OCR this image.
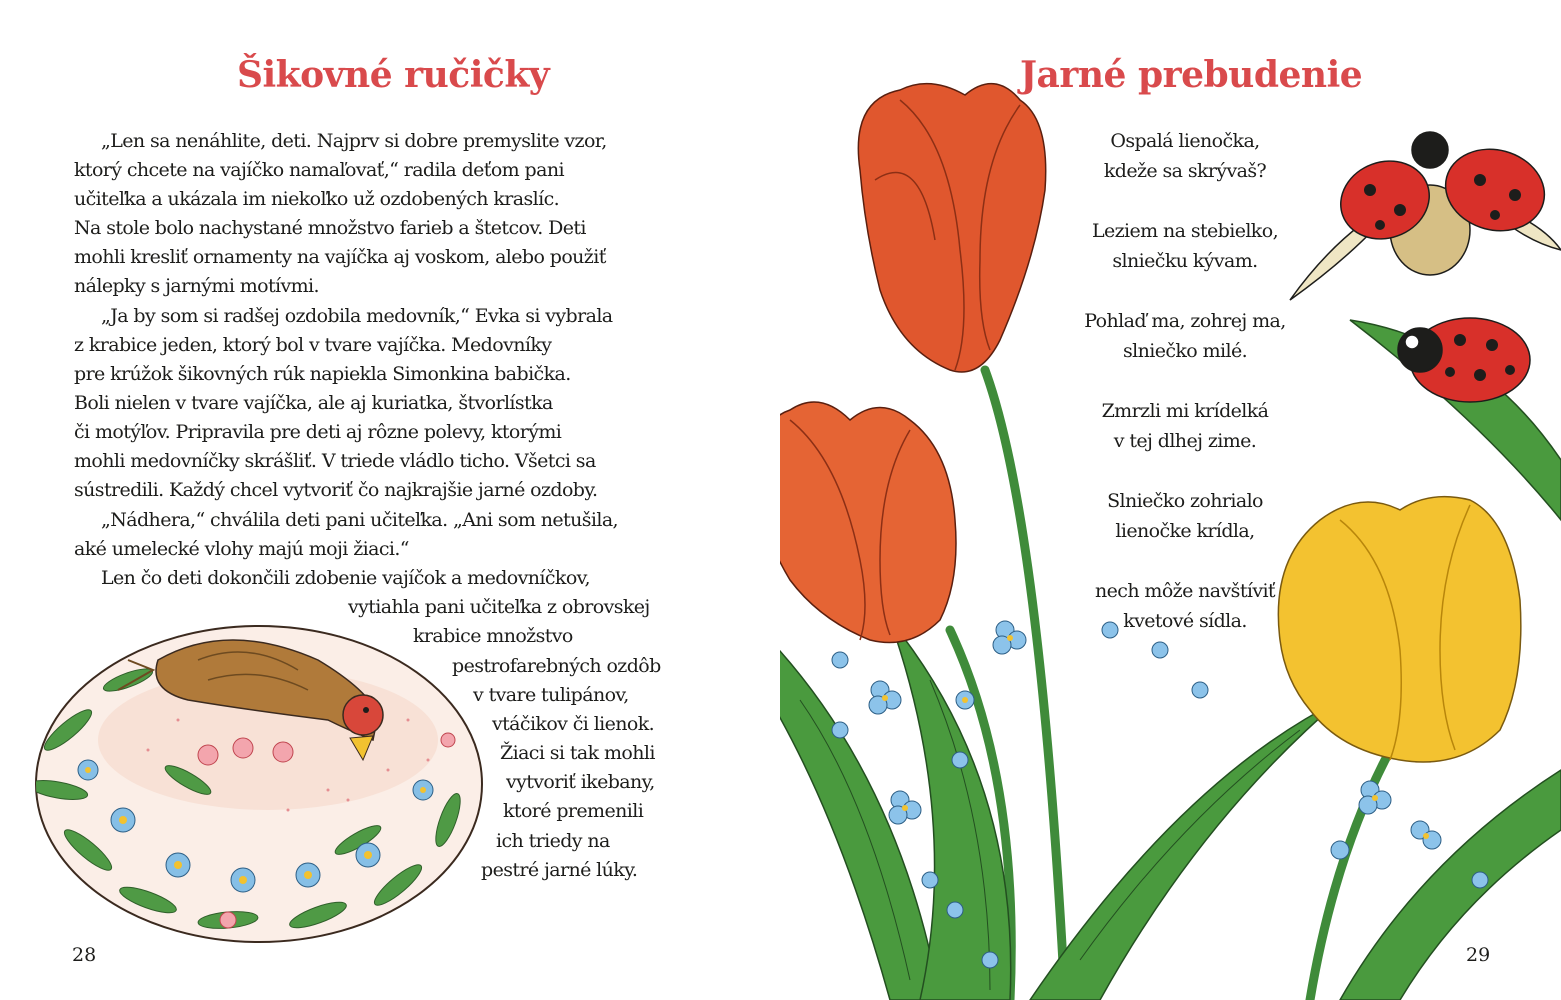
Šikovné ručičky

„Len sa nenáhlite, deti. Najprv si dobre premyslite vzor,

ktorý chcete na vajíčko namaľovať,“ radila deťom pani

učiteľka a ukázala im niekoľko už ozdobených kraslíc.

Na stole bolo nachystané množstvo farieb a štetcov. Deti

mohli kresliť ornamenty na vajíčka aj voskom, alebo použiť

nálepky s jarnými motívmi.

„Ja by som si radšej ozdobila medovník,“ Evka si vybrala

z krabice jeden, ktorý bol v tvare vajíčka. Medovníky

pre krúžok šikovných rúk napiekla Simonkina babička.

Boli nielen v tvare vajíčka, ale aj kuriatka, štvorlístka

či motýľov. Pripravila pre deti aj rôzne polevy, ktorými

mohli medovníčky skrášliť. V triede vládlo ticho. Všetci sa

sústredili. Každý chcel vytvoriť čo najkrajšie jarné ozdoby.

„Nádhera,“ chválila deti pani učiteľka. „Ani som netušila,

aké umelecké vlohy majú moji žiaci.“

Len čo deti dokončili zdobenie vajíčok a medovníčkov,

vytiahla pani učiteľka z obrovskej

krabice množstvo

pestrofarebných ozdôb

v tvare tulipánov,

vtáčikov či lienok.

Žiaci si tak mohli

vytvoriť ikebany,

ktoré premenili

ich triedy na

pestré jarné lúky.

28

Jarné prebudenie

Ospalá lienočka,

kdeže sa skrývaš?

Leziem na stebielko,

slniečku kývam.

Pohlaď ma, zohrej ma,

slniečko milé.

Zmrzli mi krídelká

v tej dlhej zime.

Slniečko zohrialo

lienočke krídla,

nech môže navštíviť

kvetové sídla.

29
